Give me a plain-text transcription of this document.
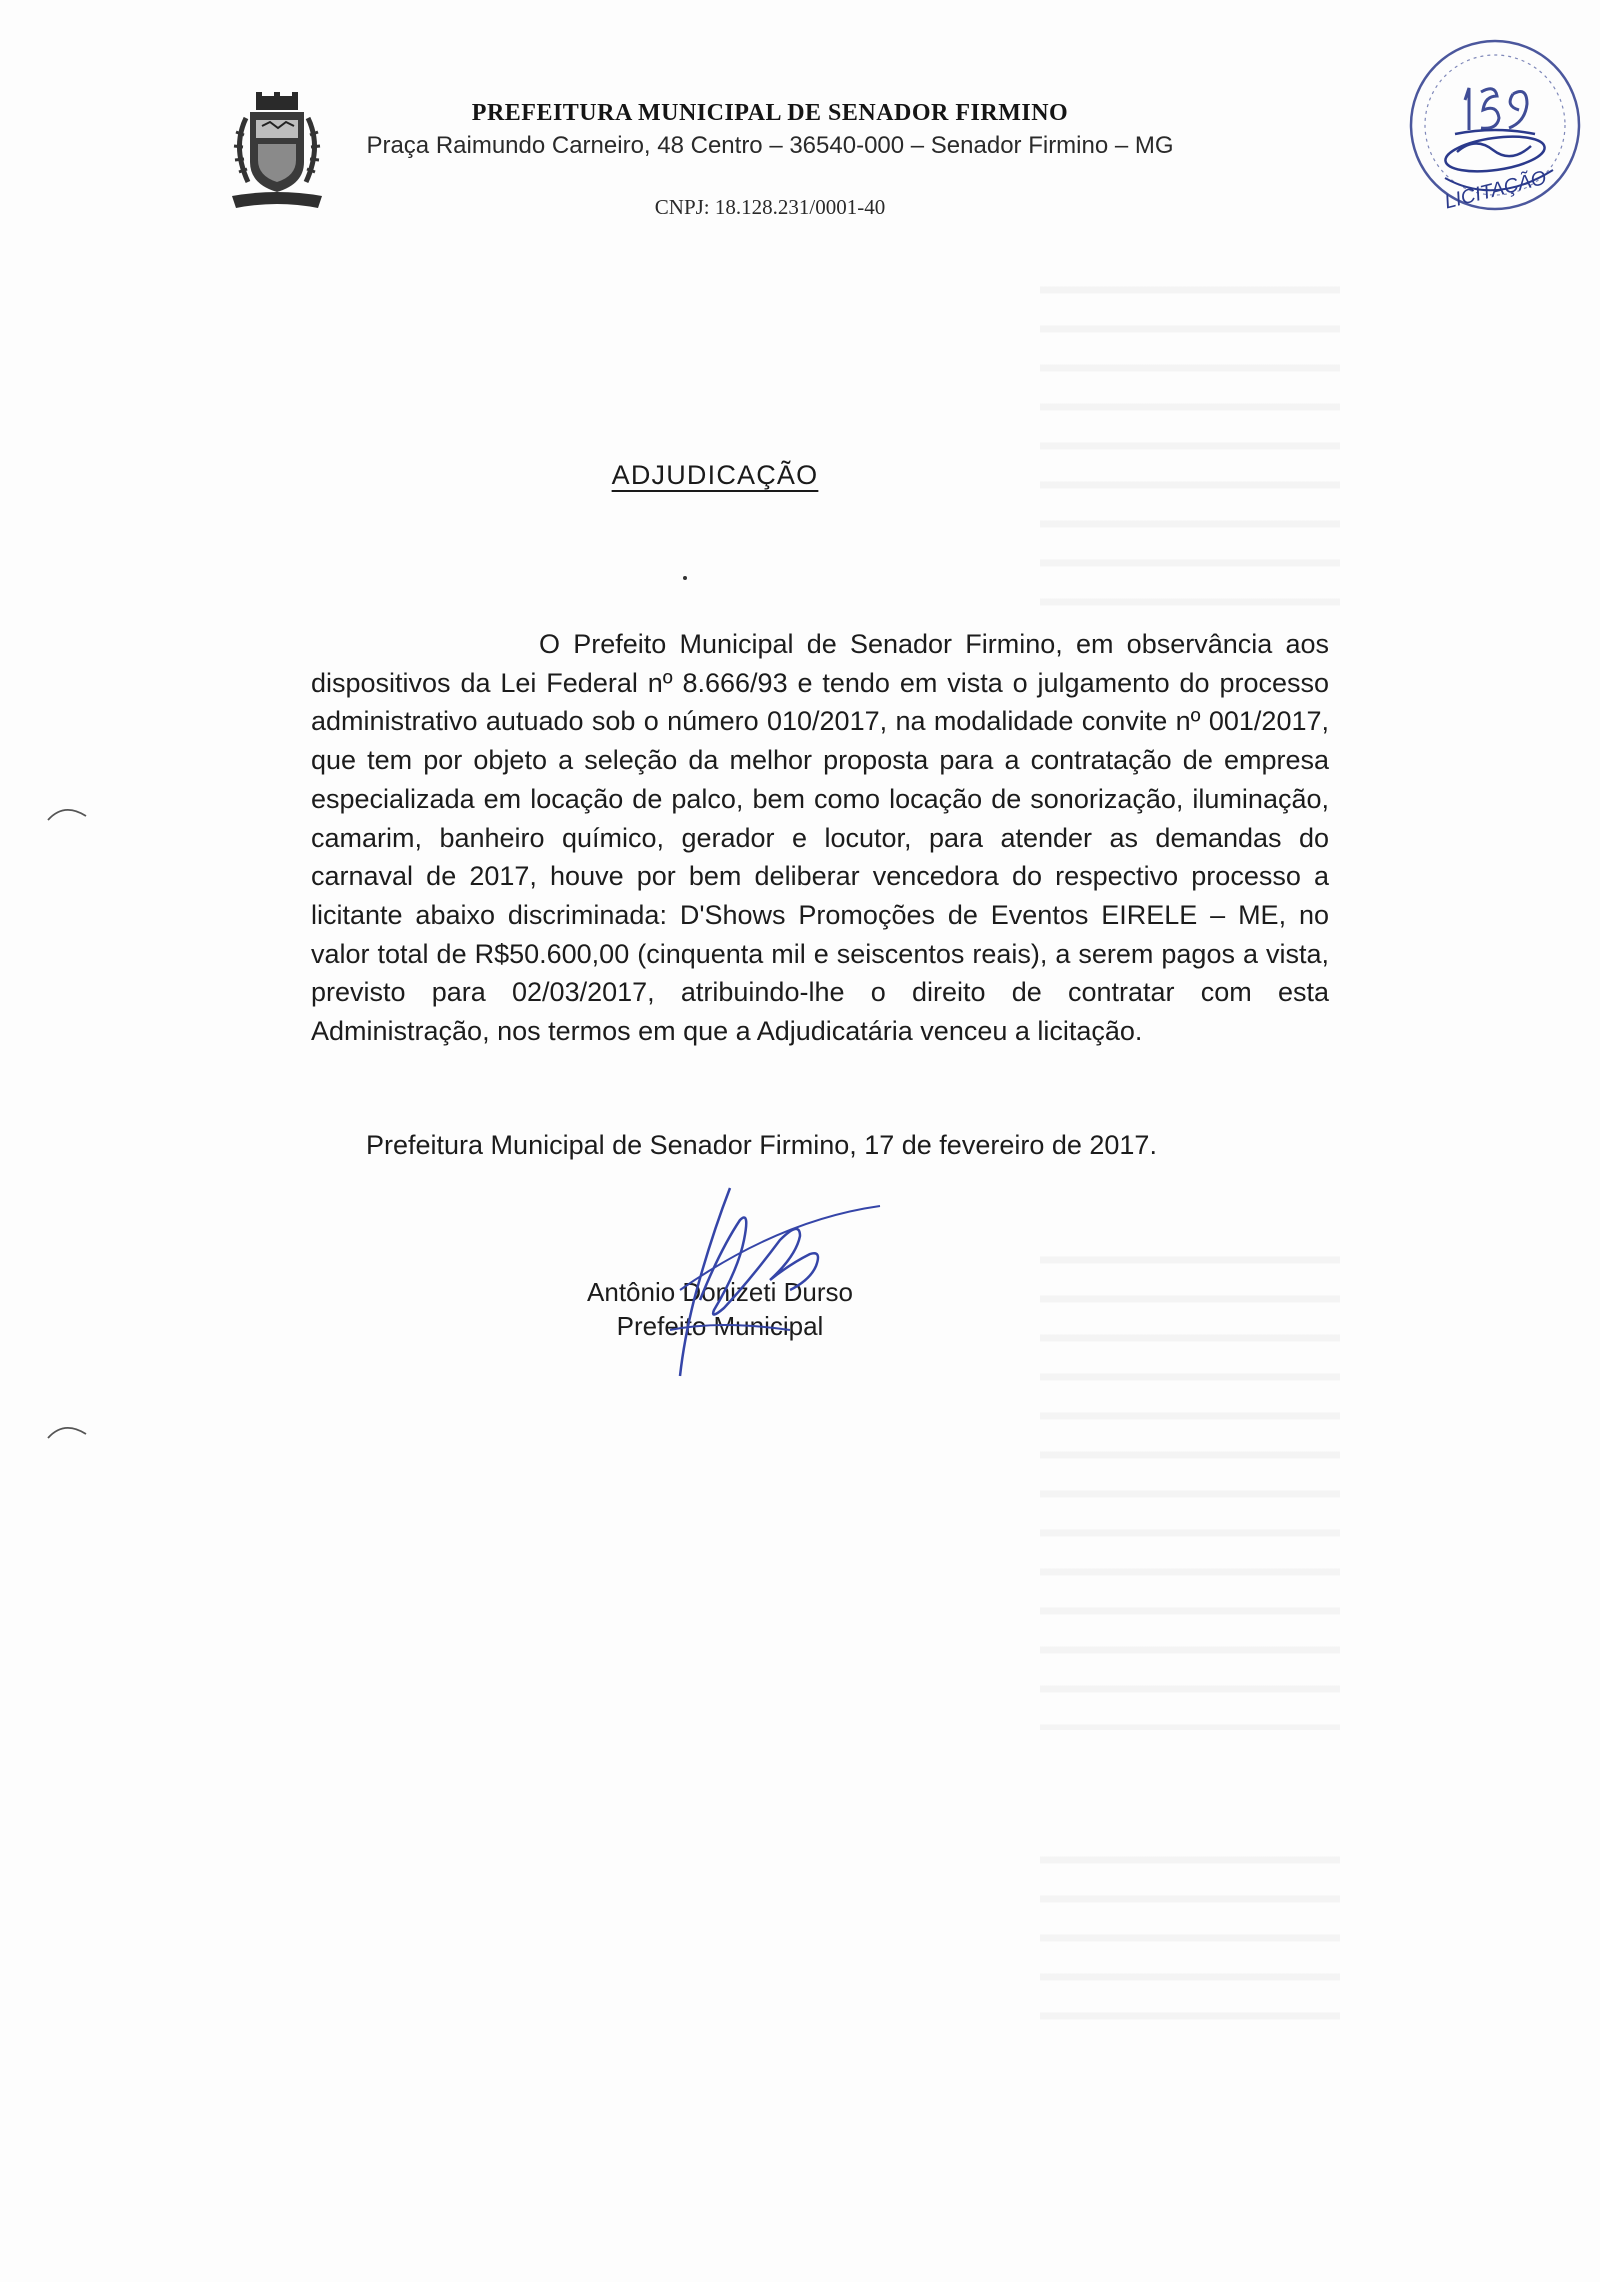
PREFEITURA MUNICIPAL DE SENADOR FIRMINO
Praça Raimundo Carneiro, 48 Centro – 36540-000 – Senador Firmino – MG
CNPJ: 18.128.231/0001-40	LICITAÇÃO
ADJUDICAÇÃO

O Prefeito Municipal de Senador Firmino, em observância aos dispositivos da Lei Federal nº 8.666/93 e tendo em vista o julgamento do processo administrativo autuado sob o número 010/2017, na modalidade convite nº 001/2017, que tem por objeto a seleção da melhor proposta para a contratação de empresa especializada em locação de palco, bem como locação de sonorização, iluminação, camarim, banheiro químico, gerador e locutor, para atender as demandas do carnaval de 2017, houve por bem deliberar vencedora do respectivo processo a licitante abaixo discriminada: D'Shows Promoções de Eventos EIRELE – ME, no valor total de R$50.600,00 (cinquenta mil e seiscentos reais), a serem pagos a vista, previsto para 02/03/2017, atribuindo-lhe o direito de contratar com esta Administração, nos termos em que a Adjudicatária venceu a licitação.

Prefeitura Municipal de Senador Firmino, 17 de fevereiro de 2017.
Antônio Donizeti Durso
Prefeito Municipal
